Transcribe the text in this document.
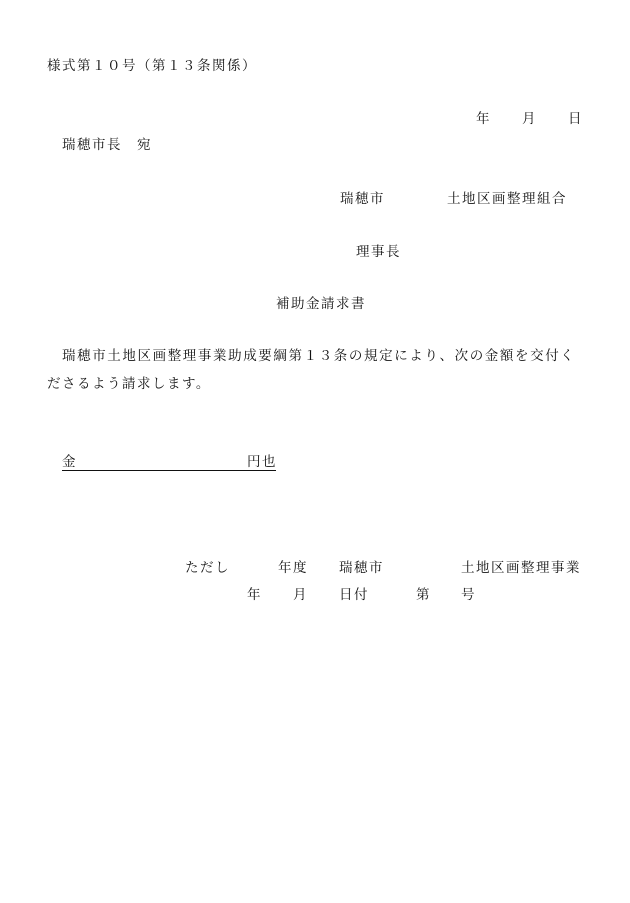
様式第１０号（第１３条関係）
年 月 日
瑞穂市長　宛
瑞穂市	土地区画整理組合
理事長
補助金請求書
瑞穂市土地区画整理事業助成要綱第１３条の規定により、次の金額を交付く
ださるよう請求します。
金	円也
ただし	年度 瑞穂市	土地区画整理事業
年 月 日付	第 号
